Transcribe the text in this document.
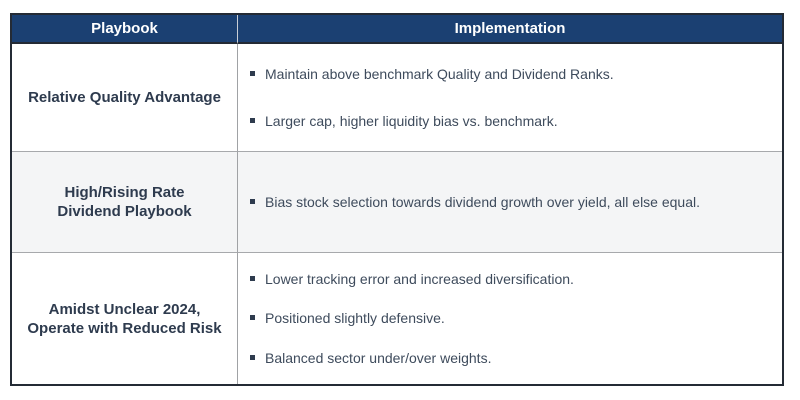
Playbook	Implementation
Relative Quality Advantage
Maintain above benchmark Quality and Dividend Ranks.
Larger cap, higher liquidity bias vs. benchmark.
High/Rising Rate
Dividend Playbook
Bias stock selection towards dividend growth over yield, all else equal.
Amidst Unclear 2024,
Operate with Reduced Risk
Lower tracking error and increased diversification.
Positioned slightly defensive.
Balanced sector under/over weights.
